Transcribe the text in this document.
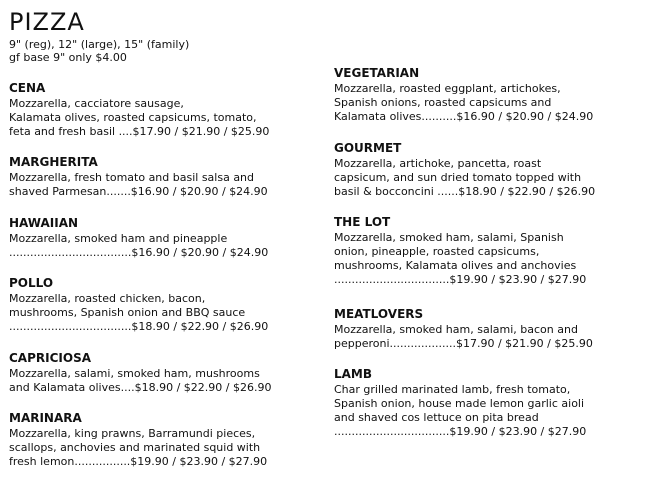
PIZZA
9" (reg), 12" (large), 15" (family)
gf base 9" only $4.00
CENA
Mozzarella, cacciatore sausage,
Kalamata olives, roasted capsicums, tomato,
feta and fresh basil ....$17.90 / $21.90 / $25.90
MARGHERITA
Mozzarella, fresh tomato and basil salsa and
shaved Parmesan.......$16.90 / $20.90 / $24.90
HAWAIIAN
Mozzarella, smoked ham and pineapple
...................................$16.90 / $20.90 / $24.90
POLLO
Mozzarella, roasted chicken, bacon,
mushrooms, Spanish onion and BBQ sauce
...................................$18.90 / $22.90 / $26.90
CAPRICIOSA
Mozzarella, salami, smoked ham, mushrooms
and Kalamata olives....$18.90 / $22.90 / $26.90
MARINARA
Mozzarella, king prawns, Barramundi pieces,
scallops, anchovies and marinated squid with
fresh lemon................$19.90 / $23.90 / $27.90
VEGETARIAN
Mozzarella, roasted eggplant, artichokes,
Spanish onions, roasted capsicums and
Kalamata olives..........$16.90 / $20.90 / $24.90
GOURMET
Mozzarella, artichoke, pancetta, roast
capsicum, and sun dried tomato topped with
basil & bocconcini ......$18.90 / $22.90 / $26.90
THE LOT
Mozzarella, smoked ham, salami, Spanish
onion, pineapple, roasted capsicums,
mushrooms, Kalamata olives and anchovies
.................................$19.90 / $23.90 / $27.90
MEATLOVERS
Mozzarella, smoked ham, salami, bacon and
pepperoni...................$17.90 / $21.90 / $25.90
LAMB
Char grilled marinated lamb, fresh tomato,
Spanish onion, house made lemon garlic aioli
and shaved cos lettuce on pita bread
.................................$19.90 / $23.90 / $27.90
